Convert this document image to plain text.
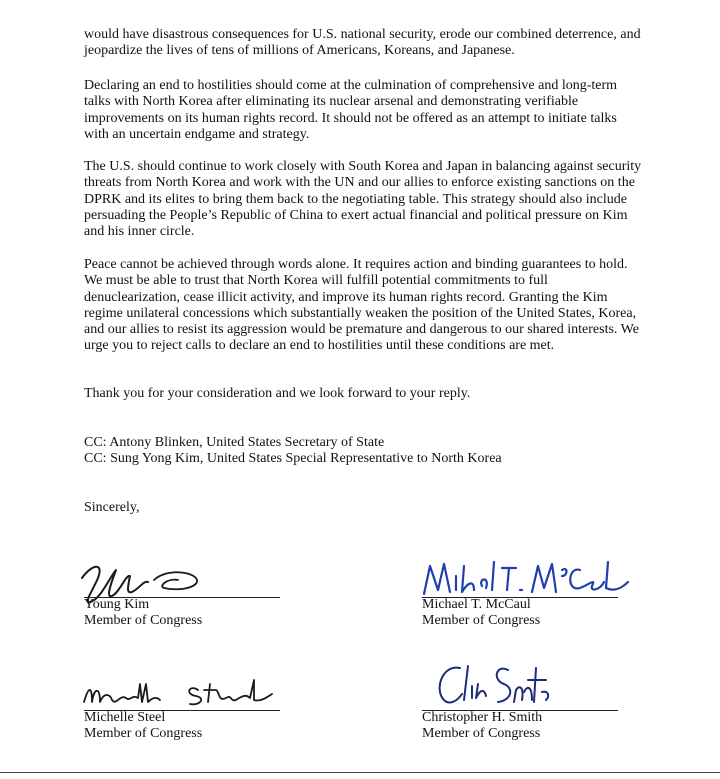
would have disastrous consequences for U.S. national security, erode our combined deterrence, and jeopardize the lives of tens of millions of Americans, Koreans, and Japanese.

Declaring an end to hostilities should come at the culmination of comprehensive and long-term talks with North Korea after eliminating its nuclear arsenal and demonstrating verifiable improvements on its human rights record. It should not be offered as an attempt to initiate talks with an uncertain endgame and strategy.

The U.S. should continue to work closely with South Korea and Japan in balancing against security threats from North Korea and work with the UN and our allies to enforce existing sanctions on the DPRK and its elites to bring them back to the negotiating table. This strategy should also include persuading the People’s Republic of China to exert actual financial and political pressure on Kim and his inner circle.

Peace cannot be achieved through words alone. It requires action and binding guarantees to hold. We must be able to trust that North Korea will fulfill potential commitments to full denuclearization, cease illicit activity, and improve its human rights record. Granting the Kim regime unilateral concessions which substantially weaken the position of the United States, Korea, and our allies to resist its aggression would be premature and dangerous to our shared interests. We urge you to reject calls to declare an end to hostilities until these conditions are met.

Thank you for your consideration and we look forward to your reply.

CC: Antony Blinken, United States Secretary of State

CC: Sung Yong Kim, United States Special Representative to North Korea

Sincerely,

Young Kim
Member of Congress
Michael T. McCaul
Member of Congress
Michelle Steel
Member of Congress
Christopher H. Smith
Member of Congress
